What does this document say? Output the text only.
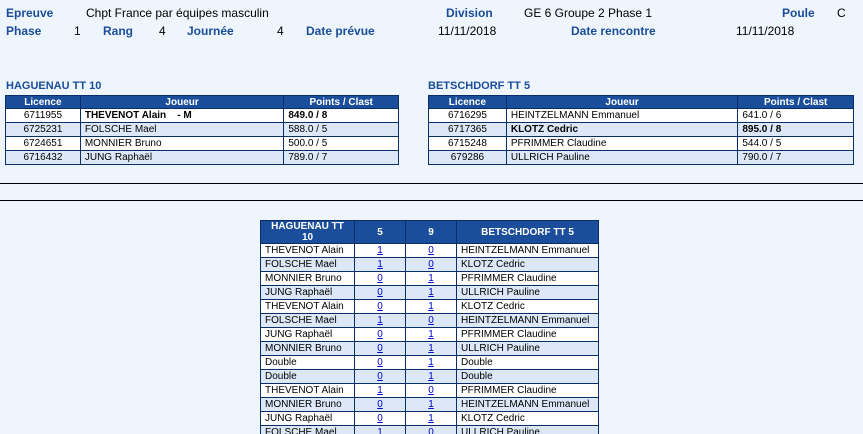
Epreuve	Chpt France par équipes masculin	Division	GE 6 Groupe 2 Phase 1	Poule C
Phase	1 Rang 4 Journée	4 Date prévue	11/11/2018	Date rencontre	11/11/2018
HAGUENAU TT 10	BETSCHDORF TT 5
Licence	Joueur	Points / Clast
6711955	THEVENOT Alain    - M	849.0 / 8
6725231	FOLSCHE Mael	588.0 / 5
6724651	MONNIER Bruno	500.0 / 5
6716432	JUNG Raphaël	789.0 / 7
Licence	Joueur	Points / Clast
6716295	HEINTZELMANN Emmanuel	641.0 / 6
6717365	KLOTZ Cedric	895.0 / 8
6715248	PFRIMMER Claudine	544.0 / 5
679286	ULLRICH Pauline	790.0 / 7
HAGUENAU TT 10	5	9	BETSCHDORF TT 5
THEVENOT Alain	1	0	HEINTZELMANN Emmanuel
FOLSCHE Mael	1	0	KLOTZ Cedric
MONNIER Bruno	0	1	PFRIMMER Claudine
JUNG Raphaël	0	1	ULLRICH Pauline
THEVENOT Alain	0	1	KLOTZ Cedric
FOLSCHE Mael	1	0	HEINTZELMANN Emmanuel
JUNG Raphaël	0	1	PFRIMMER Claudine
MONNIER Bruno	0	1	ULLRICH Pauline
Double	0	1	Double
Double	0	1	Double
THEVENOT Alain	1	0	PFRIMMER Claudine
MONNIER Bruno	0	1	HEINTZELMANN Emmanuel
JUNG Raphaël	0	1	KLOTZ Cedric
FOLSCHE Mael	1	0	ULLRICH Pauline
